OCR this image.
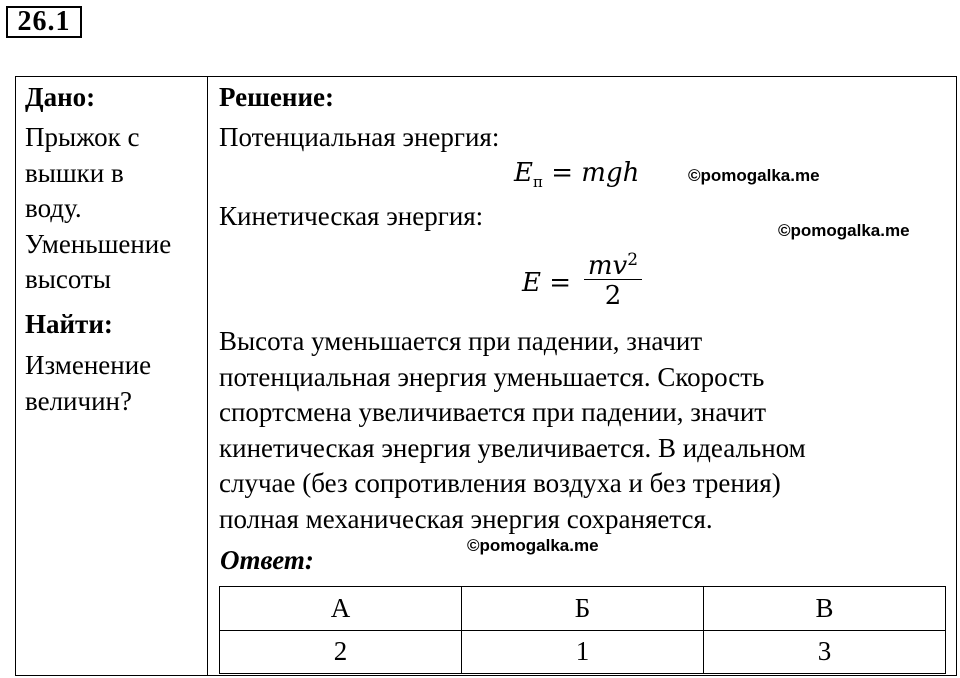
26.1
Дано:
Прыжок с
вышки в
воду.
Уменьшение
высоты
Найти:
Изменение
величин?
Решение:
Потенциальная энергия:
$E_п$ = mgh
Кинетическая энергия:
E =
$mv^2$
2
Высота уменьшается при падении, значит
потенциальная энергия уменьшается. Скорость
спортсмена увеличивается при падении, значит
кинетическая энергия увеличивается. В идеальном
случае (без сопротивления воздуха и без трения)
полная механическая энергия сохраняется.
Ответ:
©pomogalka.me
©pomogalka.me
©pomogalka.me
А	Б	В
2	1	3
